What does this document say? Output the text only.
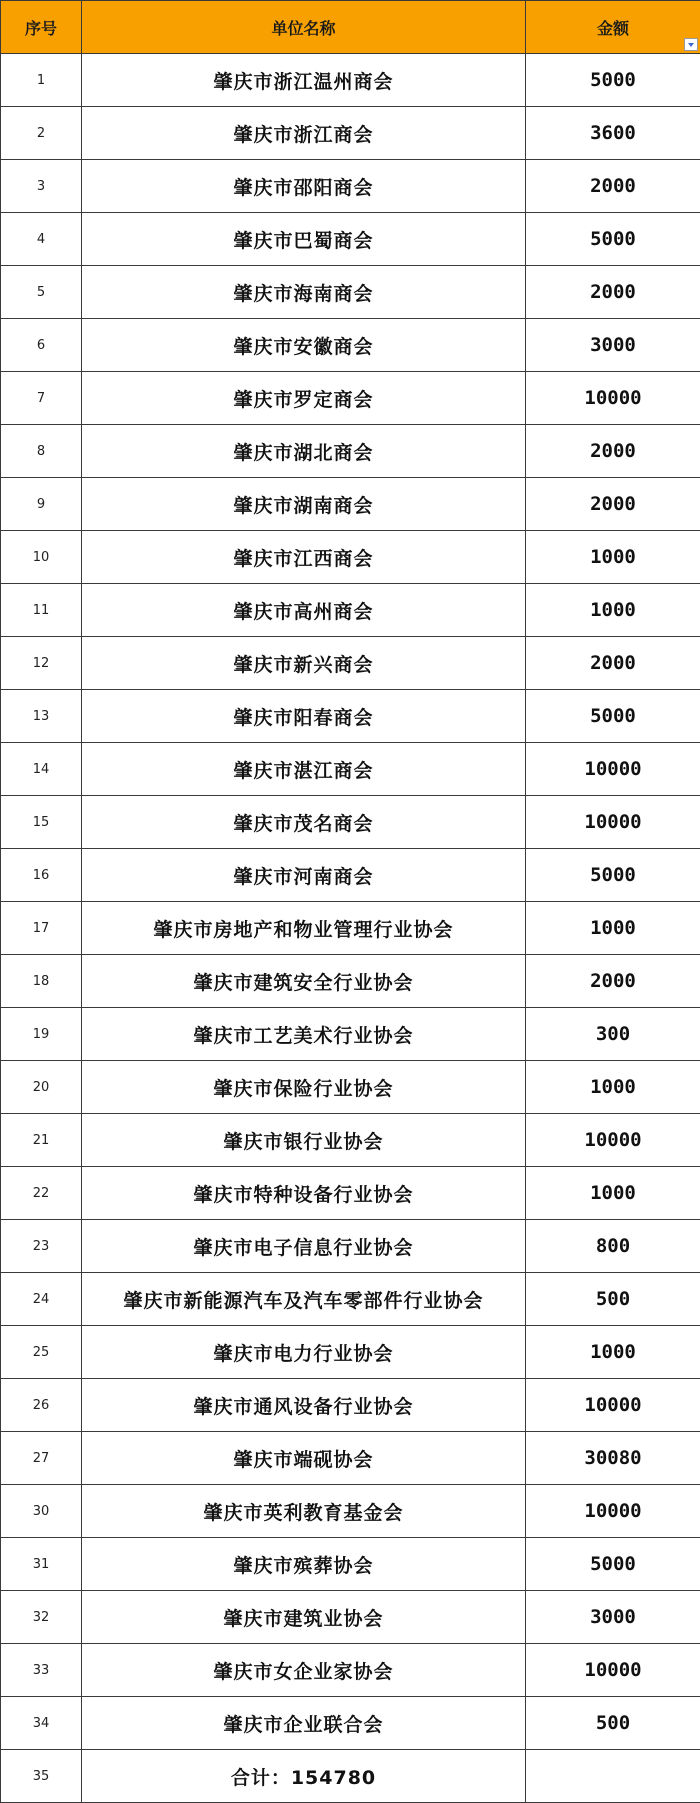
序号	单位名称	金额

1	肇庆市浙江温州商会	5000
2	肇庆市浙江商会	3600
3	肇庆市邵阳商会	2000
4	肇庆市巴蜀商会	5000
5	肇庆市海南商会	2000
6	肇庆市安徽商会	3000
7	肇庆市罗定商会	10000
8	肇庆市湖北商会	2000
9	肇庆市湖南商会	2000
10	肇庆市江西商会	1000
11	肇庆市高州商会	1000
12	肇庆市新兴商会	2000
13	肇庆市阳春商会	5000
14	肇庆市湛江商会	10000
15	肇庆市茂名商会	10000
16	肇庆市河南商会	5000
17	肇庆市房地产和物业管理行业协会	1000
18	肇庆市建筑安全行业协会	2000
19	肇庆市工艺美术行业协会	300
20	肇庆市保险行业协会	1000
21	肇庆市银行业协会	10000
22	肇庆市特种设备行业协会	1000
23	肇庆市电子信息行业协会	800
24	肇庆市新能源汽车及汽车零部件行业协会	500
25	肇庆市电力行业协会	1000
26	肇庆市通风设备行业协会	10000
27	肇庆市端砚协会	30080
30	肇庆市英利教育基金会	10000
31	肇庆市殡葬协会	5000
32	肇庆市建筑业协会	3000
33	肇庆市女企业家协会	10000
34	肇庆市企业联合会	500
35	合计：154780	
